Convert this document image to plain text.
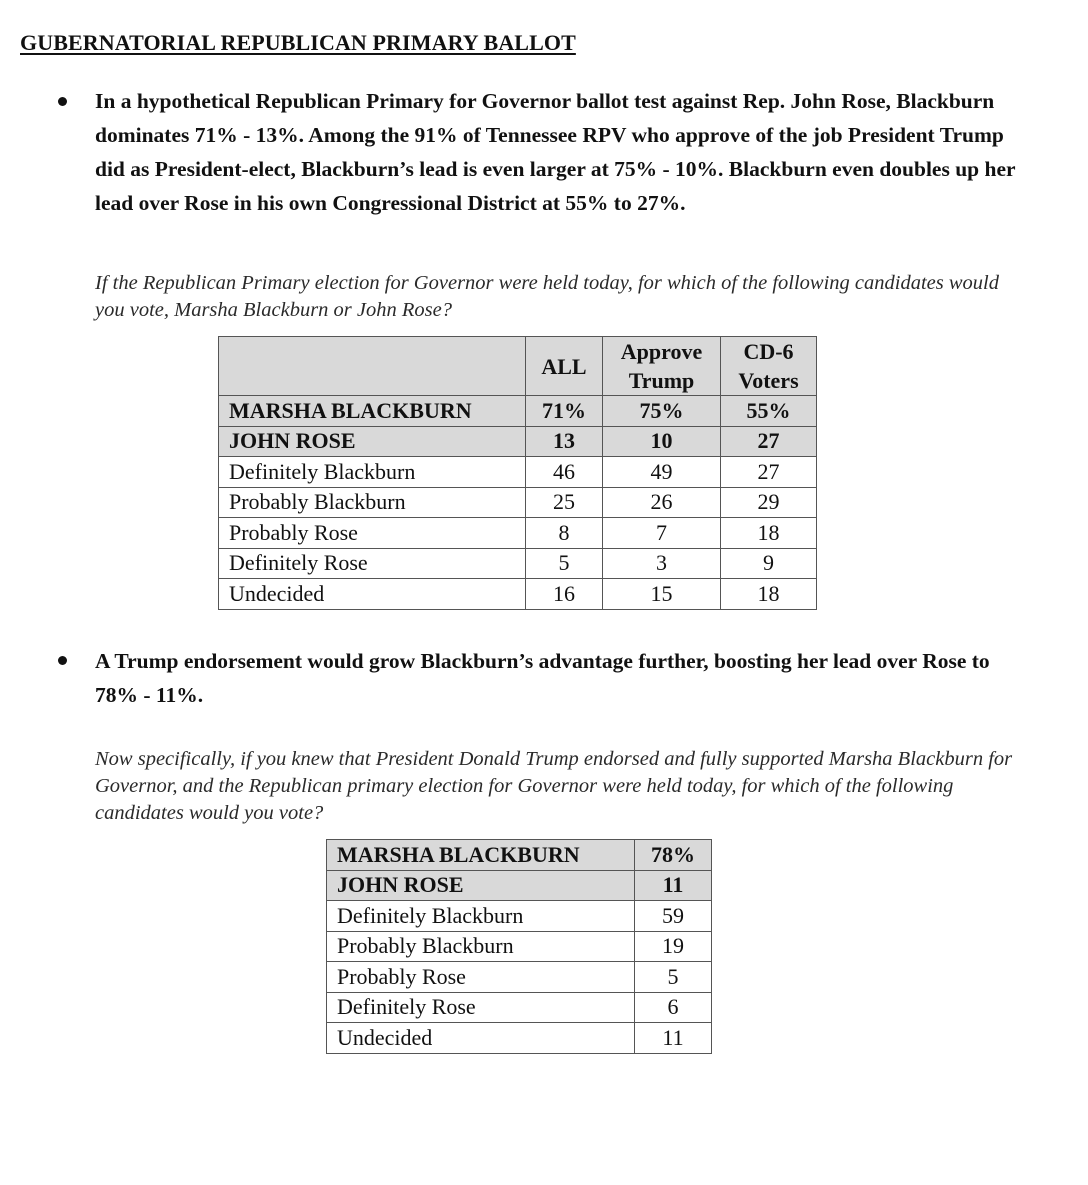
GUBERNATORIAL REPUBLICAN PRIMARY BALLOT
In a hypothetical Republican Primary for Governor ballot test against Rep. John Rose, Blackburn dominates 71% - 13%. Among the 91% of Tennessee RPV who approve of the job President Trump did as President-elect, Blackburn’s lead is even larger at 75% - 10%. Blackburn even doubles up her lead over Rose in his own Congressional District at 55% to 27%.
If the Republican Primary election for Governor were held today, for which of the following candidates would you vote, Marsha Blackburn or John Rose?
	ALL	Approve Trump	CD-6 Voters
MARSHA BLACKBURN	71%	75%	55%
JOHN ROSE	13	10	27
Definitely Blackburn	46	49	27
Probably Blackburn	25	26	29
Probably Rose	8	7	18
Definitely Rose	5	3	9
Undecided	16	15	18
A Trump endorsement would grow Blackburn’s advantage further, boosting her lead over Rose to 78% - 11%.
Now specifically, if you knew that President Donald Trump endorsed and fully supported Marsha Blackburn for Governor, and the Republican primary election for Governor were held today, for which of the following candidates would you vote?
MARSHA BLACKBURN	78%
JOHN ROSE	11
Definitely Blackburn	59
Probably Blackburn	19
Probably Rose	5
Definitely Rose	6
Undecided	11
